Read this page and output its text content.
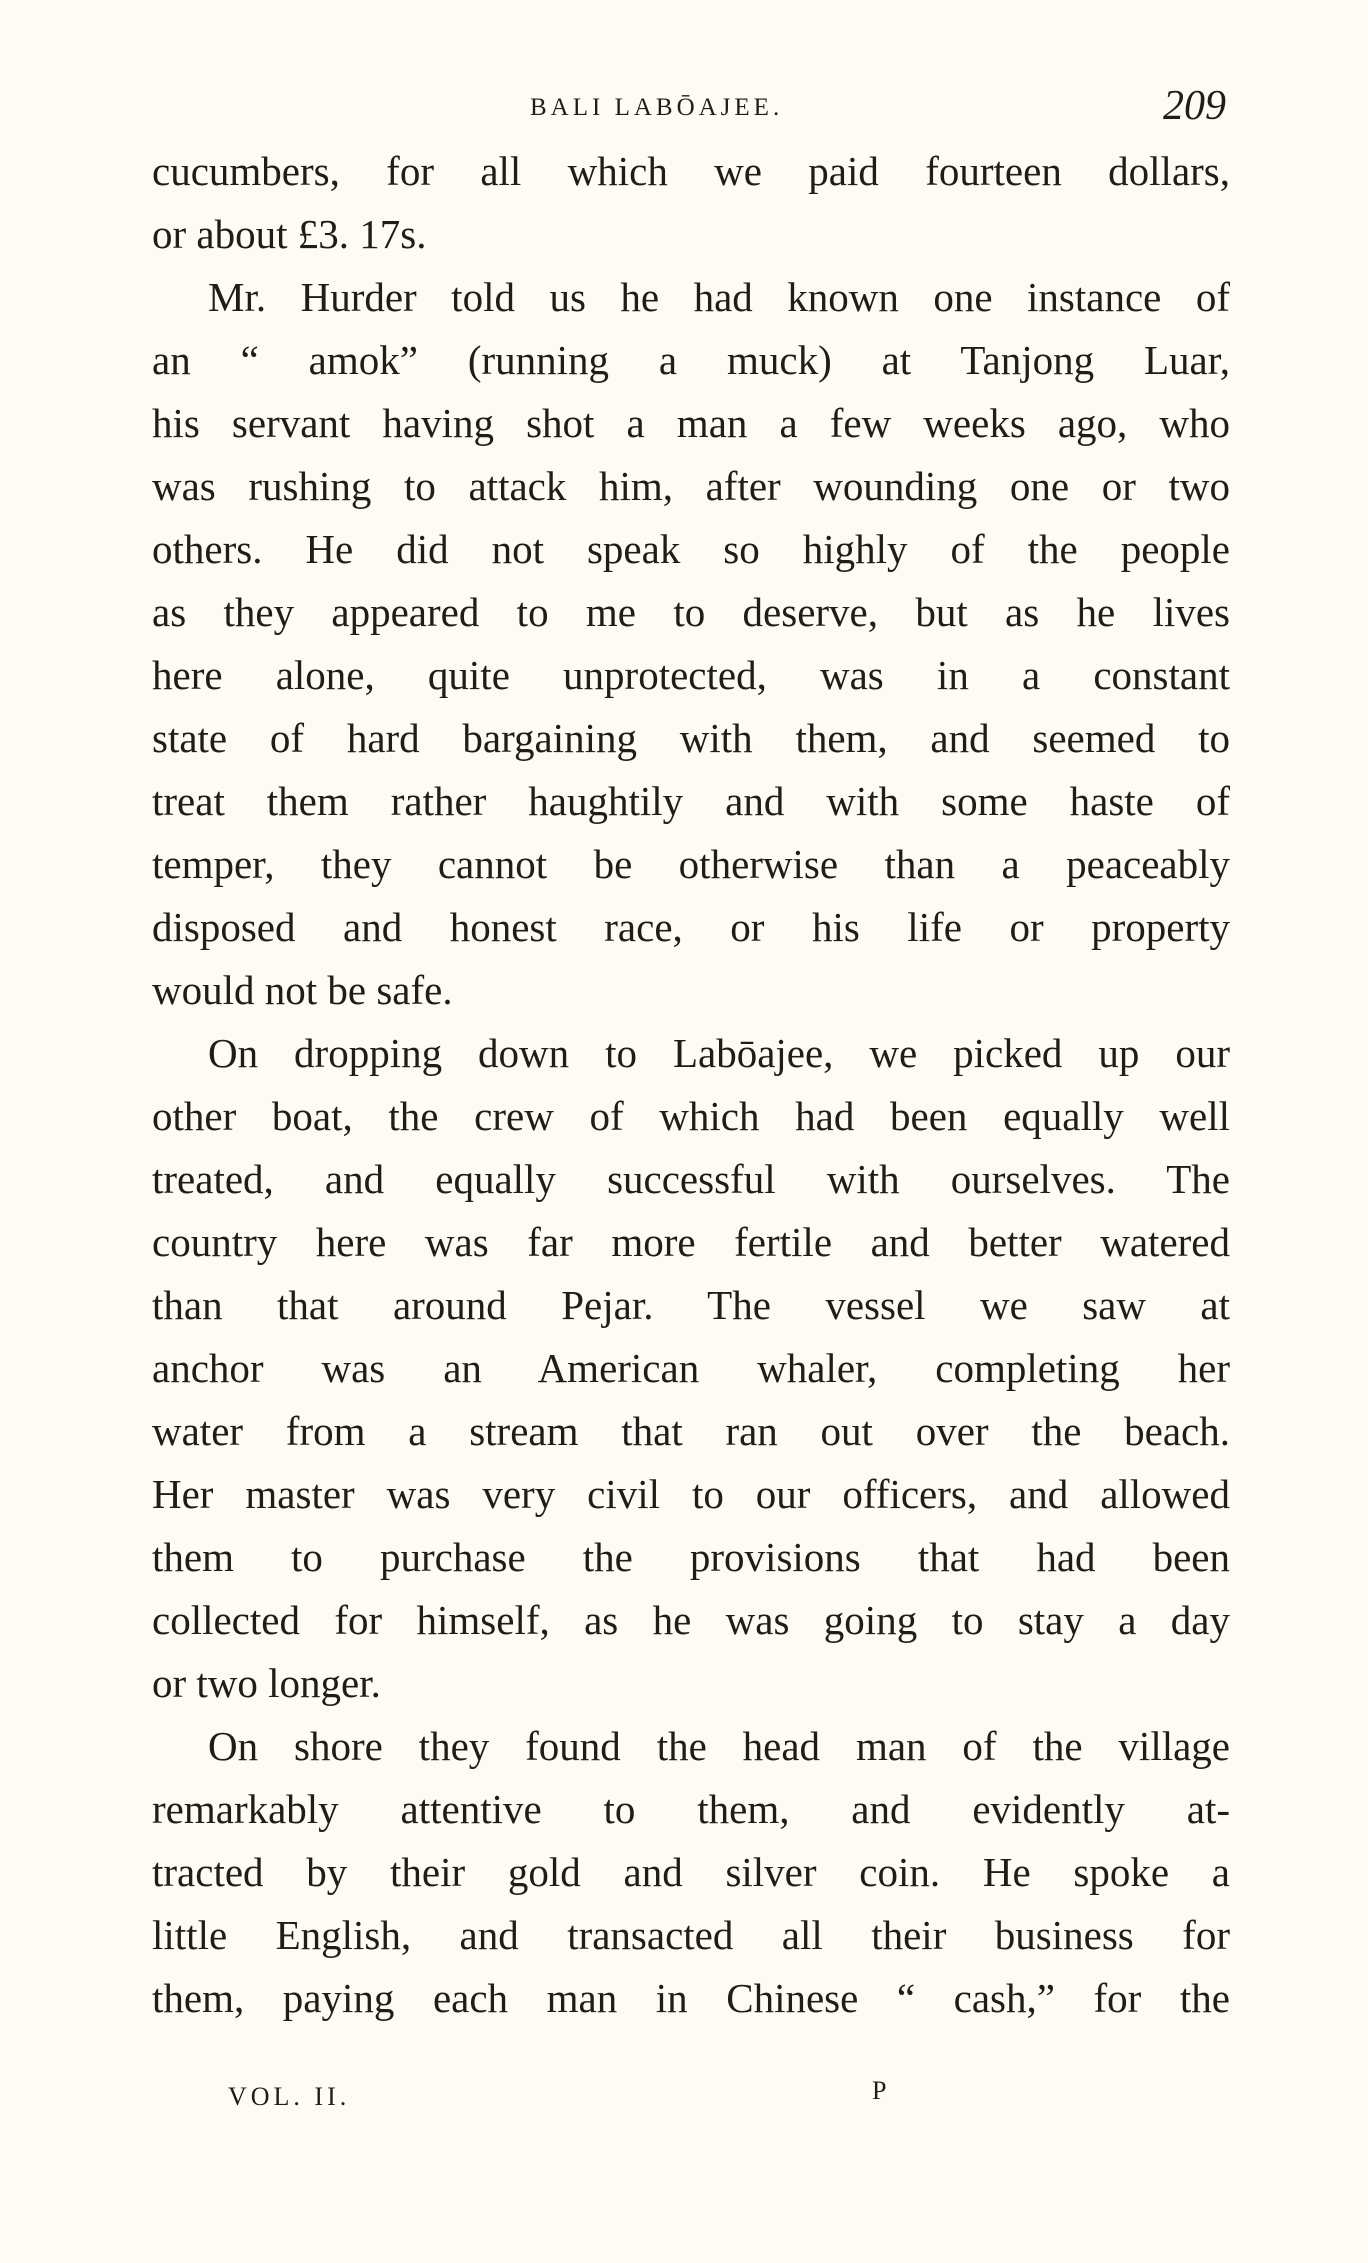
BALI LABŌAJEE.	209
cucumbers, for all which we paid fourteen dollars,
or about £3. 17s.
Mr. Hurder told us he had known one instance of
an “ amok” (running a muck) at Tanjong Luar,
his servant having shot a man a few weeks ago, who
was rushing to attack him, after wounding one or two
others. He did not speak so highly of the people
as they appeared to me to deserve, but as he lives
here alone, quite unprotected, was in a constant
state of hard bargaining with them, and seemed to
treat them rather haughtily and with some haste of
temper, they cannot be otherwise than a peaceably
disposed and honest race, or his life or property
would not be safe.
On dropping down to Labōajee, we picked up our
other boat, the crew of which had been equally well
treated, and equally successful with ourselves. The
country here was far more fertile and better watered
than that around Pejar. The vessel we saw at
anchor was an American whaler, completing her
water from a stream that ran out over the beach.
Her master was very civil to our officers, and allowed
them to purchase the provisions that had been
collected for himself, as he was going to stay a day
or two longer.
On shore they found the head man of the village
remarkably attentive to them, and evidently at-
tracted by their gold and silver coin. He spoke a
little English, and transacted all their business for
them, paying each man in Chinese “ cash,” for the
VOL. II.	P
